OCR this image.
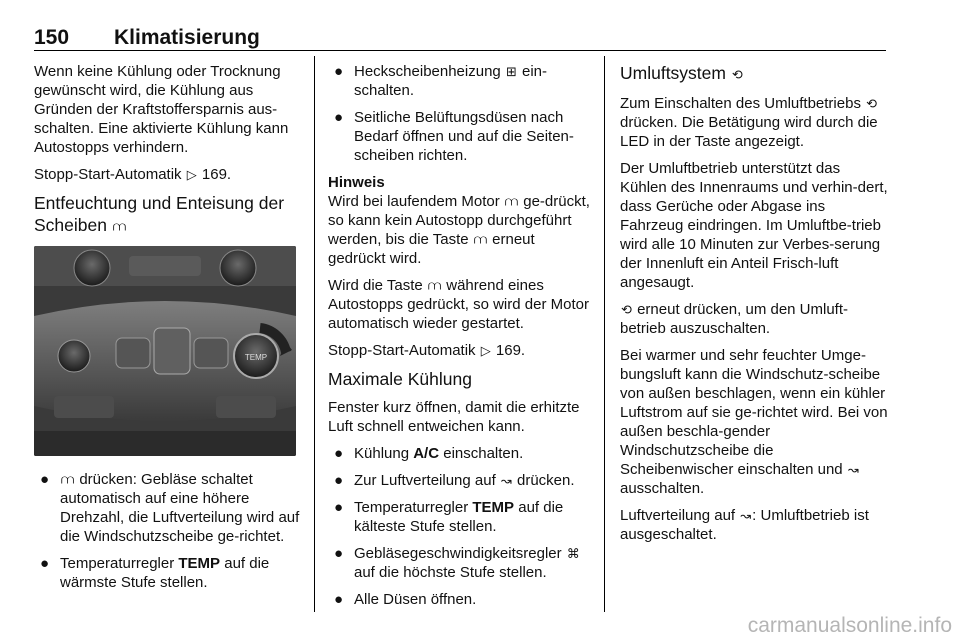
150 Klimatisierung

Wenn keine Kühlung oder Trocknung gewünscht wird, die Kühlung aus Gründen der Kraftstoffersparnis aus-schalten. Eine aktivierte Kühlung kann Autostopps verhindern.

Stopp-Start-Automatik ▷ 169.

Entfeuchtung und Enteisung der Scheiben ⩋
TEMP
● ⩋ drücken: Gebläse schaltet automatisch auf eine höhere Drehzahl, die Luftverteilung wird auf die Windschutzscheibe ge-richtet.
● Temperaturregler TEMP auf die wärmste Stufe stellen.
● Heckscheibenheizung ⊞ ein-schalten.
● Seitliche Belüftungsdüsen nach Bedarf öffnen und auf die Seiten-scheiben richten.

Hinweis

Wird bei laufendem Motor ⩋ ge-drückt, so kann kein Autostopp durchgeführt werden, bis die Taste ⩋ erneut gedrückt wird.

Wird die Taste ⩋ während eines Autostopps gedrückt, so wird der Motor automatisch wieder gestartet.

Stopp-Start-Automatik ▷ 169.

Maximale Kühlung

Fenster kurz öffnen, damit die erhitzte Luft schnell entweichen kann.

● Kühlung A/C einschalten.
● Zur Luftverteilung auf ↝ drücken.
● Temperaturregler TEMP auf die kälteste Stufe stellen.
● Gebläsegeschwindigkeitsregler ⌘ auf die höchste Stufe stellen.
● Alle Düsen öffnen.
Umluftsystem ⟲

Zum Einschalten des Umluftbetriebs ⟲ drücken. Die Betätigung wird durch die LED in der Taste angezeigt.

Der Umluftbetrieb unterstützt das Kühlen des Innenraums und verhin-dert, dass Gerüche oder Abgase ins Fahrzeug eindringen. Im Umluftbe-trieb wird alle 10 Minuten zur Verbes-serung der Innenluft ein Anteil Frisch-luft angesaugt.

⟲ erneut drücken, um den Umluft-betrieb auszuschalten.

Bei warmer und sehr feuchter Umge-bungsluft kann die Windschutz-scheibe von außen beschlagen, wenn ein kühler Luftstrom auf sie ge-richtet wird. Bei von außen beschla-gender Windschutzscheibe die Scheibenwischer einschalten und ↝ ausschalten.

Luftverteilung auf ↝: Umluftbetrieb ist ausgeschaltet.

carmanualsonline.info
